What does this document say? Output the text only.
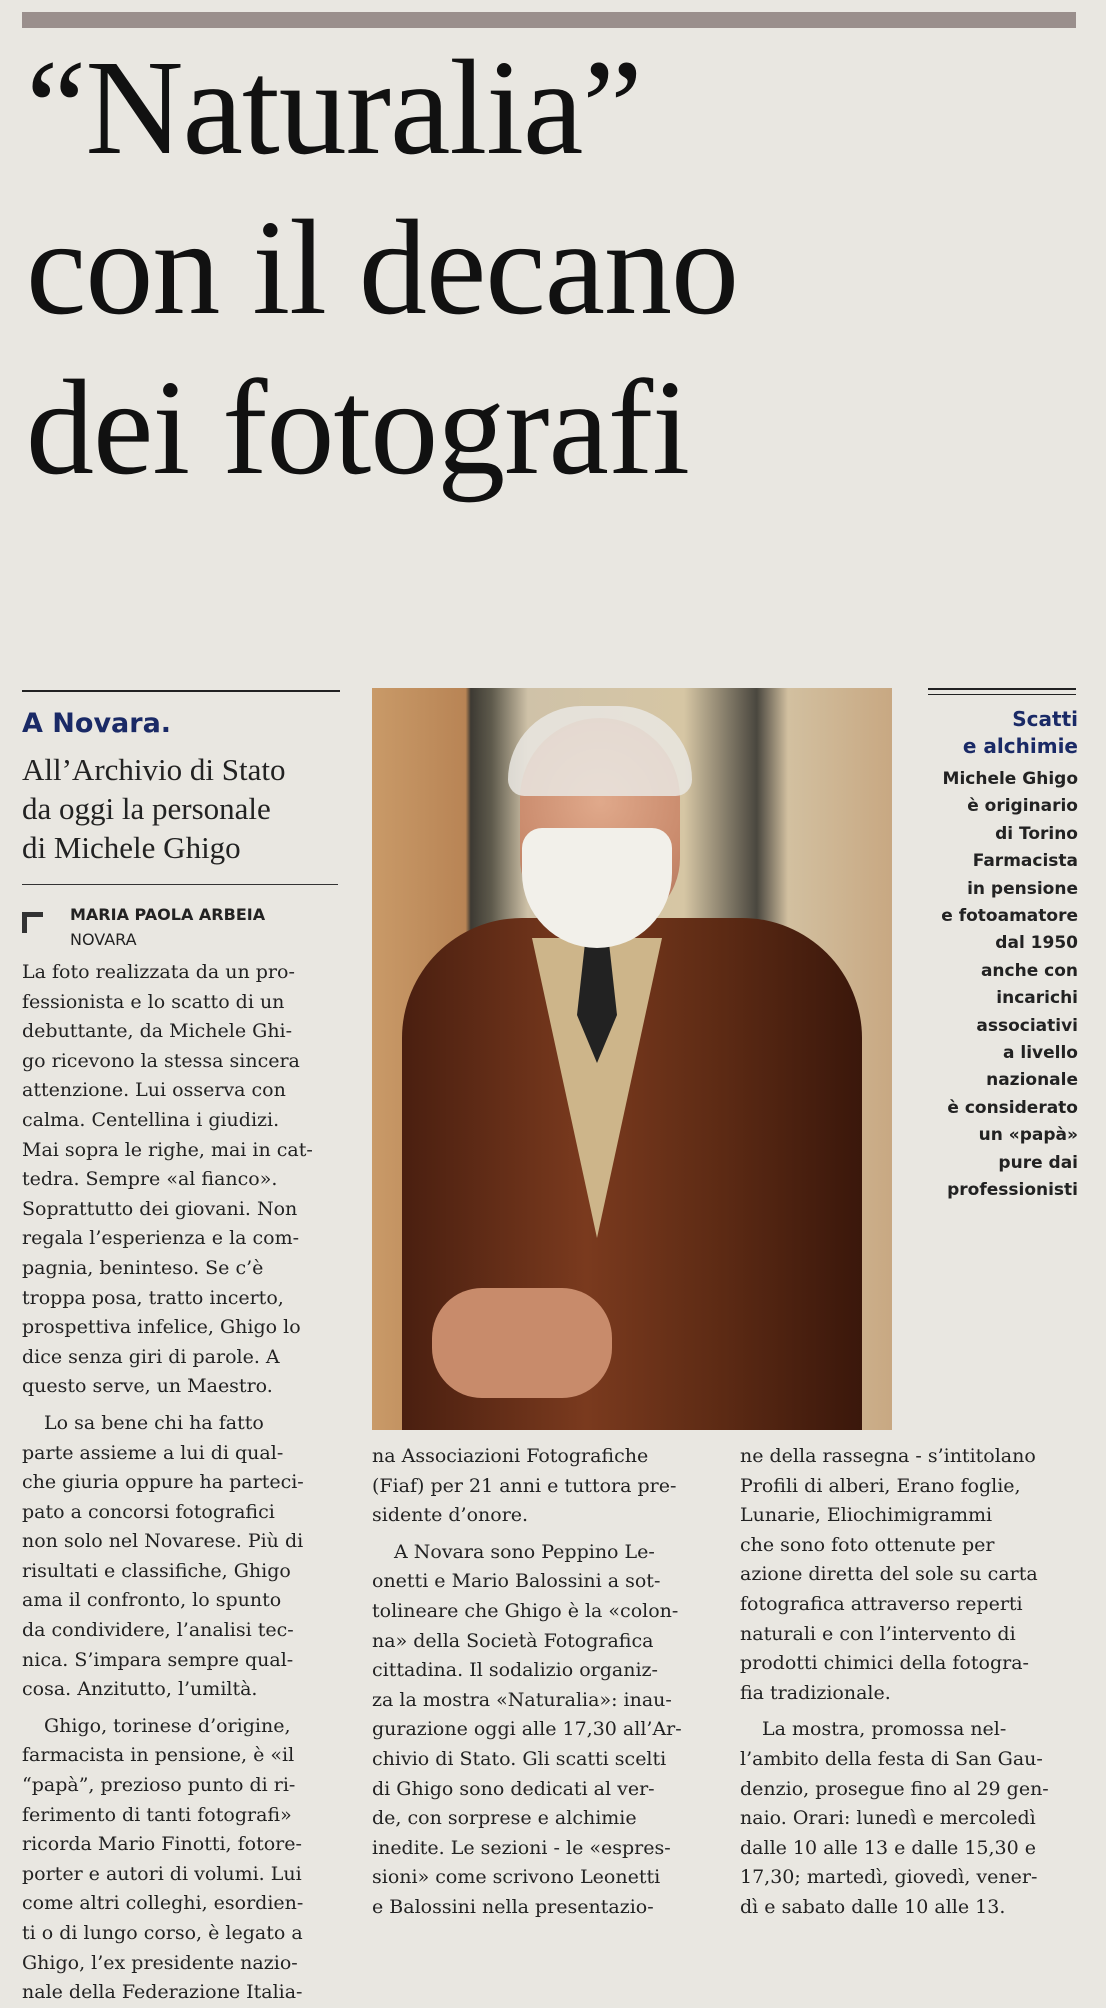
“Naturalia”
con il decano
dei fotografi
A Novara.
All’Archivio di Stato
da oggi la personale
di Michele Ghigo
MARIA PAOLA ARBEIA
NOVARA

La foto realizzata da un pro-
fessionista e lo scatto di un
debuttante, da Michele Ghi-
go ricevono la stessa sincera
attenzione. Lui osserva con
calma. Centellina i giudizi.
Mai sopra le righe, mai in cat-
tedra. Sempre «al fianco».
Soprattutto dei giovani. Non
regala l’esperienza e la com-
pagnia, beninteso. Se c’è
troppa posa, tratto incerto,
prospettiva infelice, Ghigo lo
dice senza giri di parole. A
questo serve, un Maestro.

Lo sa bene chi ha fatto
parte assieme a lui di qual-
che giuria oppure ha parteci-
pato a concorsi fotografici
non solo nel Novarese. Più di
risultati e classifiche, Ghigo
ama il confronto, lo spunto
da condividere, l’analisi tec-
nica. S’impara sempre qual-
cosa. Anzitutto, l’umiltà.

Ghigo, torinese d’origine,
farmacista in pensione, è «il
“papà”, prezioso punto di ri-
ferimento di tanti fotografi»
ricorda Mario Finotti, fotore-
porter e autori di volumi. Lui
come altri colleghi, esordien-
ti o di lungo corso, è legato a
Ghigo, l’ex presidente nazio-
nale della Federazione Italia-

na Associazioni Fotografiche
(Fiaf) per 21 anni e tuttora pre-
sidente d’onore.

A Novara sono Peppino Le-
onetti e Mario Balossini a sot-
tolineare che Ghigo è la «colon-
na» della Società Fotografica
cittadina. Il sodalizio organiz-
za la mostra «Naturalia»: inau-
gurazione oggi alle 17,30 all’Ar-
chivio di Stato. Gli scatti scelti
di Ghigo sono dedicati al ver-
de, con sorprese e alchimie
inedite. Le sezioni - le «espres-
sioni» come scrivono Leonetti
e Balossini nella presentazio-

ne della rassegna - s’intitolano
Profili di alberi, Erano foglie,
Lunarie, Eliochimigrammi
che sono foto ottenute per
azione diretta del sole su carta
fotografica attraverso reperti
naturali e con l’intervento di
prodotti chimici della fotogra-
fia tradizionale.

La mostra, promossa nel-
l’ambito della festa di San Gau-
denzio, prosegue fino al 29 gen-
naio. Orari: lunedì e mercoledì
dalle 10 alle 13 e dalle 15,30 e
17,30; martedì, giovedì, vener-
dì e sabato dalle 10 alle 13.

Scatti
e alchimie
Michele Ghigo
è originario
di Torino
Farmacista
in pensione
e fotoamatore
dal 1950
anche con
incarichi
associativi
a livello
nazionale
è considerato
un «papà»
pure dai
professionisti
